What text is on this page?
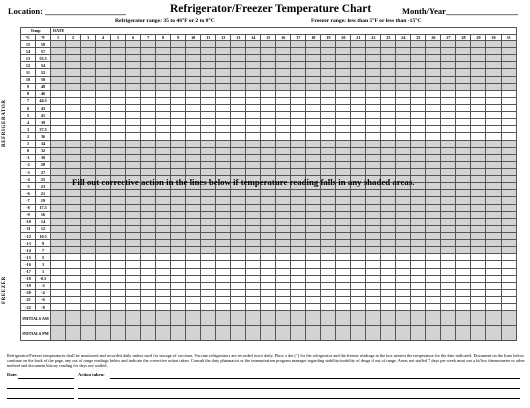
Location: ___________________	Refrigerator/Freezer Temperature Chart	Month/Year_________________
Refrigerator range: 35 to 46°F or 2 to 8°C	Freezer range: less than 5°F or less than -15°C
	Temp		DATE																														
	ºC	ºF	1	2	3	4	5	6	7	8	9	10	11	12	13	14	15	16	17	18	19	20	21	22	23	24	25	26	27	28	29	30	31
	15	59																															
	14	57																															
	13	55.5																															
	12	54																															
	11	52																															
	10	50																															
	9	48																															
	8	46																															
	7	44.5																															
	6	43																															
	5	41																															
	4	39																															
	3	37.5																															
	2	36																															
	1	34																															
	0	32																															
	-1	30																															
	-2	28																															
	-3	27																															
	-4	25																															
	-5	23																															
	-6	21																															
	-7	19																															
	-8	17.5																															
	-9	16																															
	-10	14																															
	-11	12																															
	-12	10.5																															
	-13	9																															
	-14	7																															
	-15	5																															
	-16	3																															
	-17	1																															
	-18	-0.5																															
	-19	-2																															
	-20	-4																															
	-21	-6																															
	-22	-8																															
	INITIALS AM																																
	INITIALS PM																																
REFRIGERATOR
FREEZER
Fill out corrective action in the lines below if temperature reading falls in any shaded areas.
Refrigerator/Freezer temperatures shall be monitored and recorded daily unless used for storage of vaccines. Vaccine refrigerators are recorded twice daily. Place a dot (") for the refrigerator and the freezer readings in the box nearest the temperature for the date indicated. Document on the lines below, continue on the back of the page, any out of range readings below and indicate the corrective action taken. Consult the duty pharmacist or the immunization program manager regarding stability/usability of drugs if out of range. Areas not staffed 7 days per week must use a hi/low thermometer or other method and document history reading for days not staffed.
Date:	Action taken:
